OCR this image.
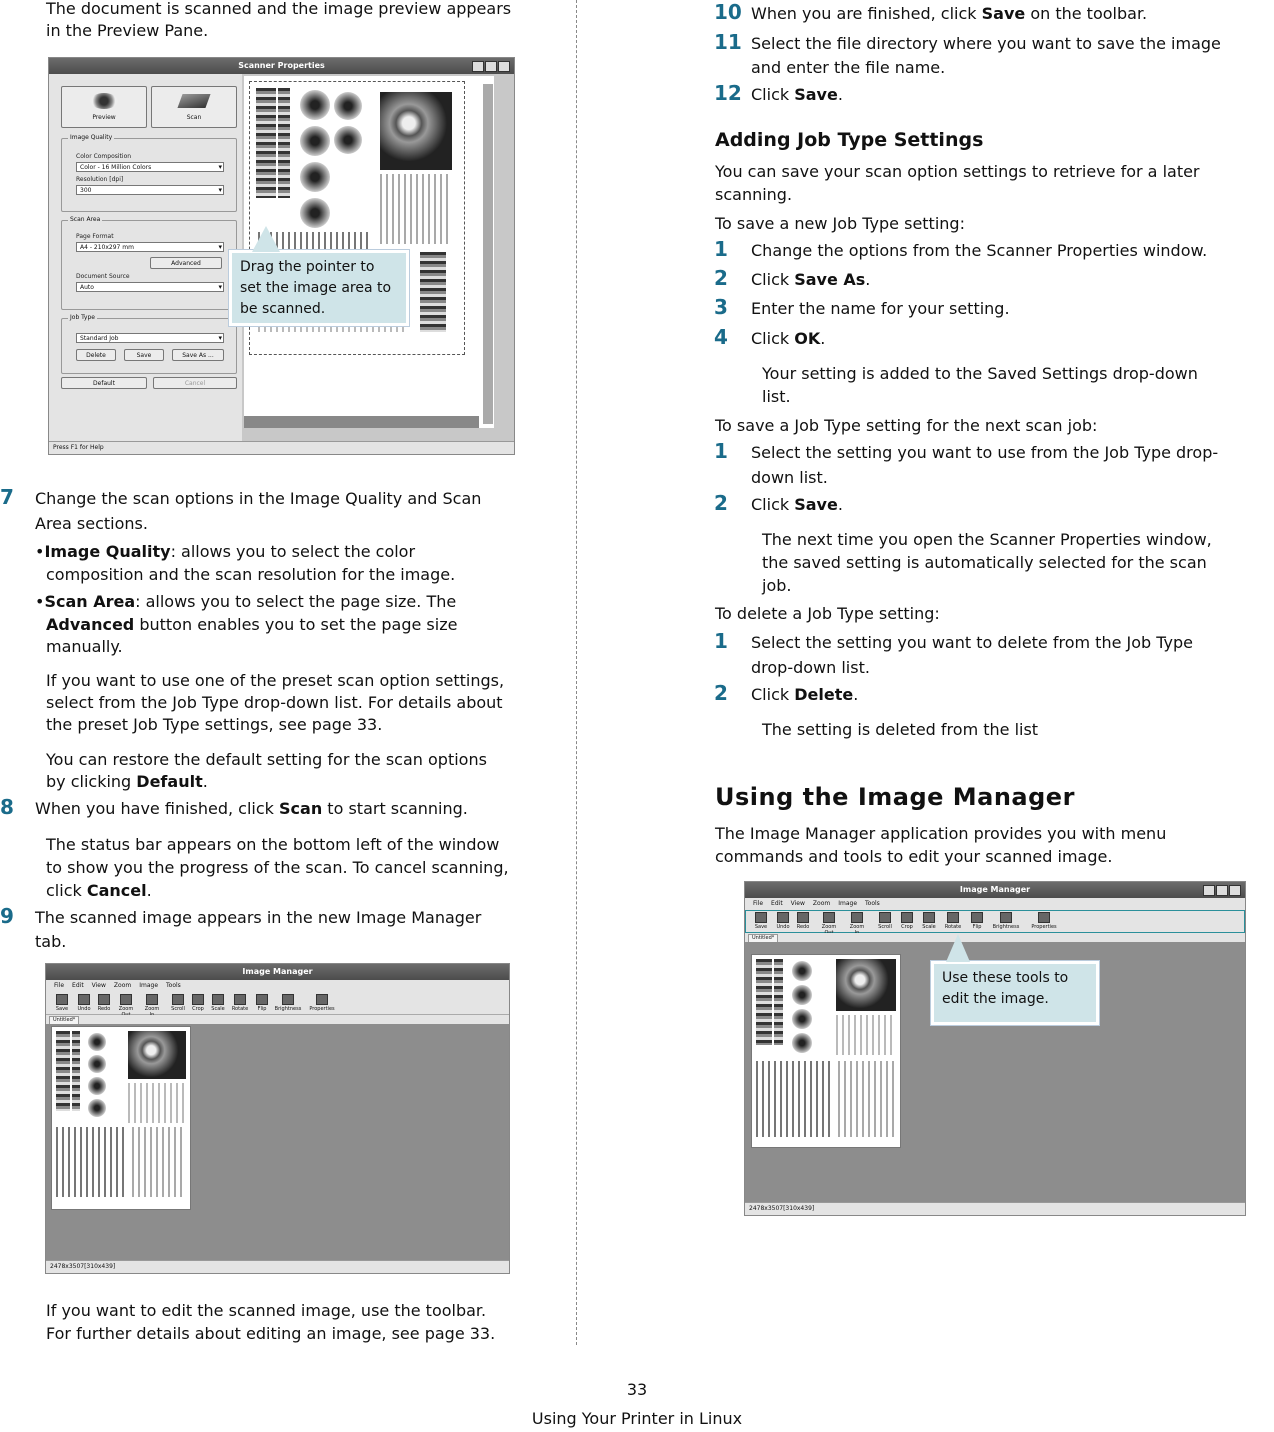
The document is scanned and the image preview appears
in the Preview Pane.
Scanner Properties
Preview	Scan
Image Quality
Color Composition
Color - 16 Million Colors ▾
Resolution [dpi]
300 ▾
Scan Area
Page Format
A4 - 210x297 mm ▾
Advanced
Document Source
Auto ▾
Job Type
Standard Job ▾
Delete	Save	Save As ...
Default	Cancel
Press F1 for Help
Drag the pointer to set the image area to be scanned.
7 Change the scan options in the Image Quality and Scan
Area sections.
•Image Quality: allows you to select the color
composition and the scan resolution for the image.
•Scan Area: allows you to select the page size. The
Advanced button enables you to set the page size
manually.
If you want to use one of the preset scan option settings,
select from the Job Type drop-down list. For details about
the preset Job Type settings, see page 33.
You can restore the default setting for the scan options
by clicking Default.
8 When you have finished, click Scan to start scanning.
The status bar appears on the bottom left of the window
to show you the progress of the scan. To cancel scanning,
click Cancel.
9 The scanned image appears in the new Image Manager
tab.
Image Manager
File Edit View Zoom Image Tools
Save	Undo	Redo	Zoom	Zoom	Scroll	Crop	Scale	Rotate	Flip	Brightness Properties
Untitled*
2478x3507[310x439]
If you want to edit the scanned image, use the toolbar.
For further details about editing an image, see page 33.
10 When you are finished, click Save on the toolbar.
11 Select the file directory where you want to save the image
and enter the file name.
12 Click Save.
Adding Job Type Settings
You can save your scan option settings to retrieve for a later
scanning.
To save a new Job Type setting:
1 Change the options from the Scanner Properties window.
2 Click Save As.
3 Enter the name for your setting.
4 Click OK.
Your setting is added to the Saved Settings drop-down
list.
To save a Job Type setting for the next scan job:
1 Select the setting you want to use from the Job Type drop-
down list.
2 Click Save.
The next time you open the Scanner Properties window,
the saved setting is automatically selected for the scan
job.
To delete a Job Type setting:
1 Select the setting you want to delete from the Job Type
drop-down list.
2 Click Delete.
The setting is deleted from the list
Using the Image Manager
The Image Manager application provides you with menu
commands and tools to edit your scanned image.
Image Manager
File Edit View Zoom Image Tools
Save	Undo	Redo	Zoom	Zoom	Scroll	Crop	Scale	Rotate	Flip	Brightness	Properties
Untitled*
2478x3507[310x439]
Use these tools to edit the image.
33
Using Your Printer in Linux
